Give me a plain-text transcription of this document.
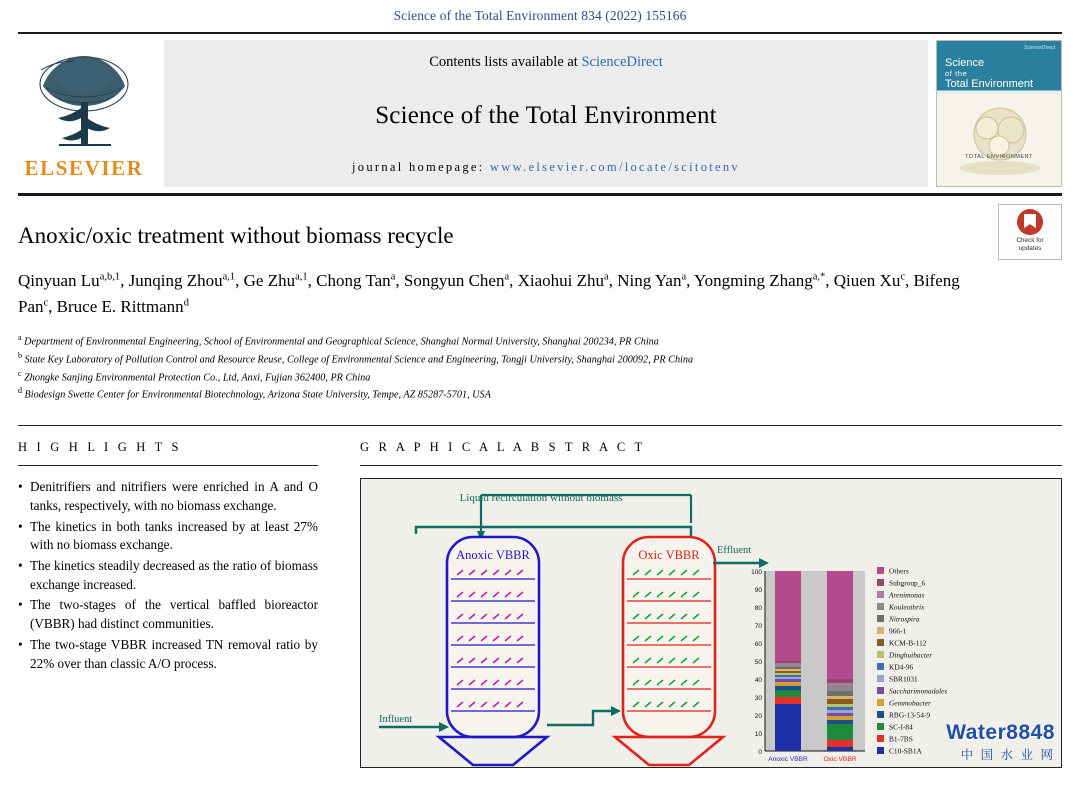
Science of the Total Environment 834 (2022) 155166
ELSEVIER
Contents lists available at ScienceDirect
Science of the Total Environment
journal homepage: www.elsevier.com/locate/scitotenv
ScienceDirect
Science
of the
Total Environment
TOTAL ENVIRONMENT
Check for
updates
Anoxic/oxic treatment without biomass recycle
Qinyuan Lu$^{a,b,1}$, Junqing Zhou$^{a,1}$, Ge Zhu$^{a,1}$, Chong Tan$^a$, Songyun Chen$^a$, Xiaohui Zhu$^a$, Ning Yan$^a$, Yongming Zhang$^{a,*}$, Qiuen Xu$^c$, Bifeng Pan$^c$, Bruce E. Rittmann$^d$
$^a$ Department of Environmental Engineering, School of Environmental and Geographical Science, Shanghai Normal University, Shanghai 200234, PR China
$^b$ State Key Laboratory of Pollution Control and Resource Reuse, College of Environmental Science and Engineering, Tongji University, Shanghai 200092, PR China
$^c$ Zhongke Sanjing Environmental Protection Co., Ltd, Anxi, Fujian 362400, PR China
$^d$ Biodesign Swette Center for Environmental Biotechnology, Arizona State University, Tempe, AZ 85287-5701, USA
H I G H L I G H T S
• Denitrifiers and nitrifiers were enriched in A and O tanks, respectively, with no biomass exchange.
• The kinetics in both tanks increased by at least 27% with no biomass exchange.
• The kinetics steadily decreased as the ratio of biomass exchange increased.
• The two-stages of the vertical baffled bioreactor (VBBR) had distinct communities.
• The two-stage VBBR increased TN removal ratio by 22% over than classic A/O process.
G R A P H I C A L A B S T R A C T
Liquid recirculation without biomass
Anoxic VBBR	Oxic VBBR
Influent
Effluent
100
90
80
70
60
50
40
30
20
10
0
Anoxic VBBR Oxic VBBR
Others
Subgroup_6
Arenimonas
Kouleothrix
Nitrospira
966-1
KCM-B-112
Dinghuibacter
KD4-96
SBR1031
Saccharimonadales
Gemmobacter
RBG-13-54-9
SC-I-84
B1-7BS
C10-SB1A
Water8848
中 国 水 业 网
